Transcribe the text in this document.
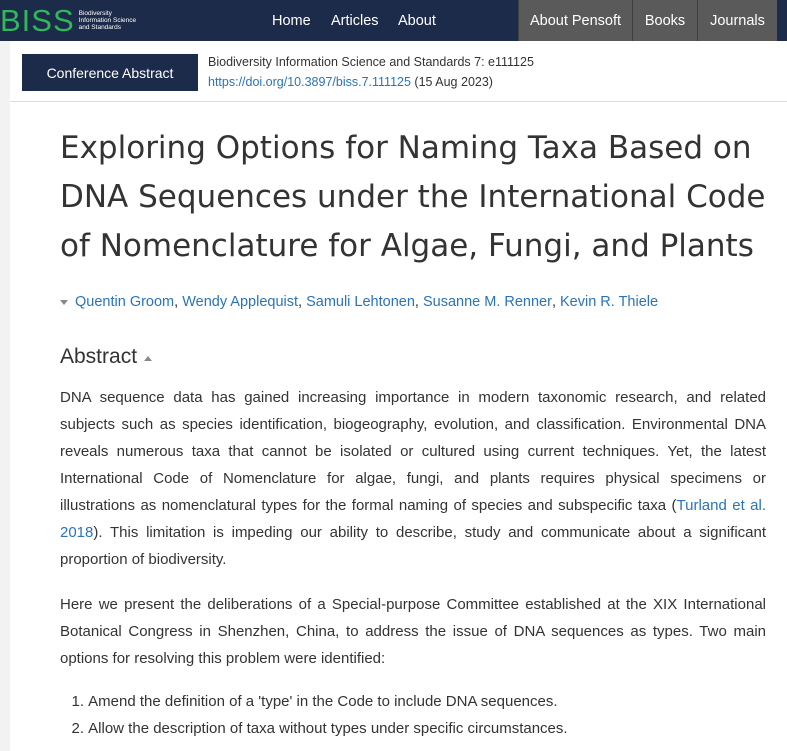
BISS Biodiversity Information Science and Standards	Home Articles About	About Pensoft	Books	Journals
Conference Abstract
Biodiversity Information Science and Standards 7: e111125
https://doi.org/10.3897/biss.7.111125 (15 Aug 2023)
Exploring Options for Naming Taxa Based on DNA Sequences under the International Code of Nomenclature for Algae, Fungi, and Plants
Quentin Groom , Wendy Applequist , Samuli Lehtonen , Susanne M. Renner , Kevin R. Thiele
Abstract

DNA sequence data has gained increasing importance in modern taxonomic research, and related subjects such as species identification, biogeography, evolution, and classification. Environmental DNA reveals numerous taxa that cannot be isolated or cultured using current techniques. Yet, the latest International Code of Nomenclature for algae, fungi, and plants requires physical specimens or illustrations as nomenclatural types for the formal naming of species and subspecific taxa (Turland et al. 2018). This limitation is impeding our ability to describe, study and communicate about a significant proportion of biodiversity.

Here we present the deliberations of a Special-purpose Committee established at the XIX International Botanical Congress in Shenzhen, China, to address the issue of DNA sequences as types. Two main options for resolving this problem were identified:

1. Amend the definition of a 'type' in the Code to include DNA sequences.
2. Allow the description of taxa without types under specific circumstances.
